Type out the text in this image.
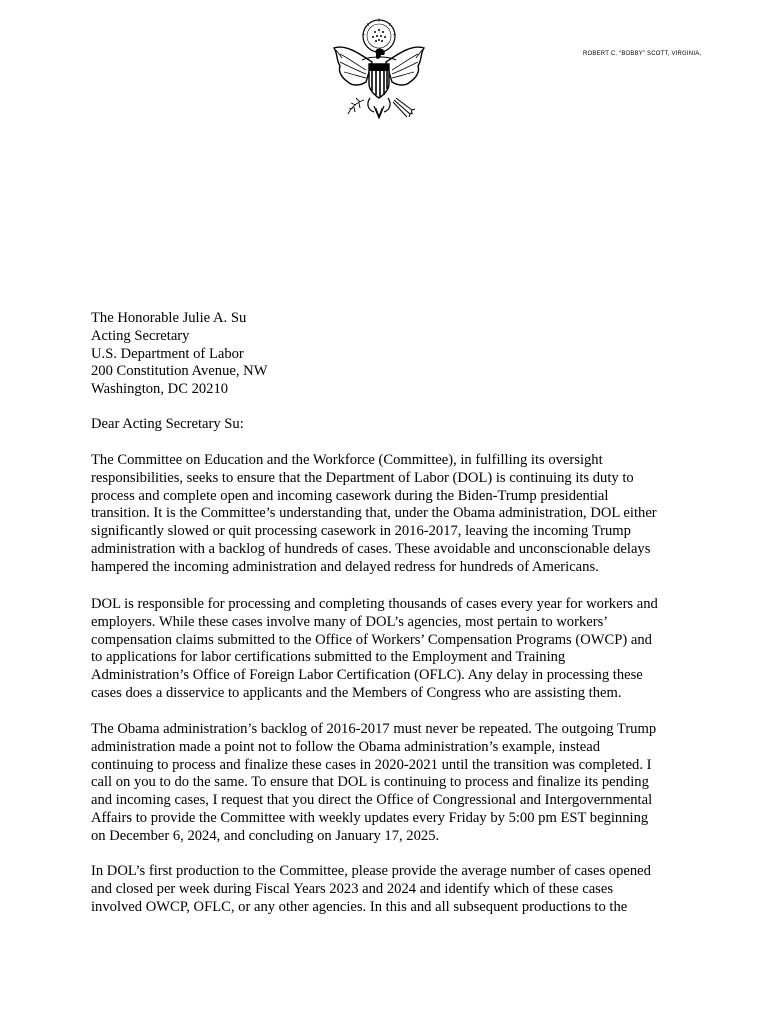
ROBERT C. “BOBBY” SCOTT, VIRGINIA,
The Honorable Julie A. Su
Acting Secretary
U.S. Department of Labor
200 Constitution Avenue, NW
Washington, DC 20210
Dear Acting Secretary Su:

The Committee on Education and the Workforce (Committee), in fulfilling its oversight
responsibilities, seeks to ensure that the Department of Labor (DOL) is continuing its duty to
process and complete open and incoming casework during the Biden-Trump presidential
transition. It is the Committee’s understanding that, under the Obama administration, DOL either
significantly slowed or quit processing casework in 2016-2017, leaving the incoming Trump
administration with a backlog of hundreds of cases. These avoidable and unconscionable delays
hampered the incoming administration and delayed redress for hundreds of Americans.

DOL is responsible for processing and completing thousands of cases every year for workers and
employers. While these cases involve many of DOL’s agencies, most pertain to workers’
compensation claims submitted to the Office of Workers’ Compensation Programs (OWCP) and
to applications for labor certifications submitted to the Employment and Training
Administration’s Office of Foreign Labor Certification (OFLC). Any delay in processing these
cases does a disservice to applicants and the Members of Congress who are assisting them.

The Obama administration’s backlog of 2016-2017 must never be repeated. The outgoing Trump
administration made a point not to follow the Obama administration’s example, instead
continuing to process and finalize these cases in 2020-2021 until the transition was completed. I
call on you to do the same. To ensure that DOL is continuing to process and finalize its pending
and incoming cases, I request that you direct the Office of Congressional and Intergovernmental
Affairs to provide the Committee with weekly updates every Friday by 5:00 pm EST beginning
on December 6, 2024, and concluding on January 17, 2025.

In DOL’s first production to the Committee, please provide the average number of cases opened
and closed per week during Fiscal Years 2023 and 2024 and identify which of these cases
involved OWCP, OFLC, or any other agencies. In this and all subsequent productions to the
